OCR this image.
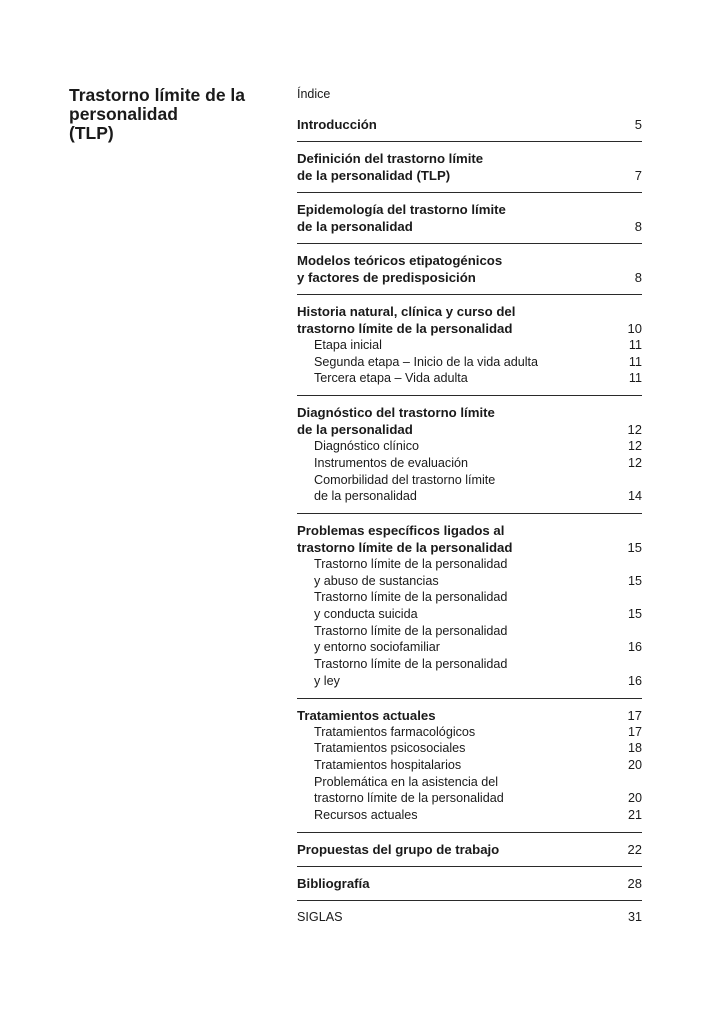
Trastorno límite de la
personalidad
(TLP)
Índice
Introducción	5
Definición del trastorno límite
de la personalidad (TLP)	7
Epidemología del trastorno límite
de la personalidad	8
Modelos teóricos etipatogénicos
y factores de predisposición	8
Historia natural, clínica y curso del
trastorno límite de la personalidad	10
Etapa inicial	11
Segunda etapa – Inicio de la vida adulta	11
Tercera etapa – Vida adulta	11
Diagnóstico del trastorno límite
de la personalidad	12
Diagnóstico clínico	12
Instrumentos de evaluación	12
Comorbilidad del trastorno límite
de la personalidad	14
Problemas específicos ligados al
trastorno límite de la personalidad	15
Trastorno límite de la personalidad
y abuso de sustancias	15
Trastorno límite de la personalidad
y conducta suicida	15
Trastorno límite de la personalidad
y entorno sociofamiliar	16
Trastorno límite de la personalidad
y ley	16
Tratamientos actuales	17
Tratamientos farmacológicos	17
Tratamientos psicosociales	18
Tratamientos hospitalarios	20
Problemática en la asistencia del
trastorno límite de la personalidad	20
Recursos actuales	21
Propuestas del grupo de trabajo	22
Bibliografía	28
SIGLAS	31
